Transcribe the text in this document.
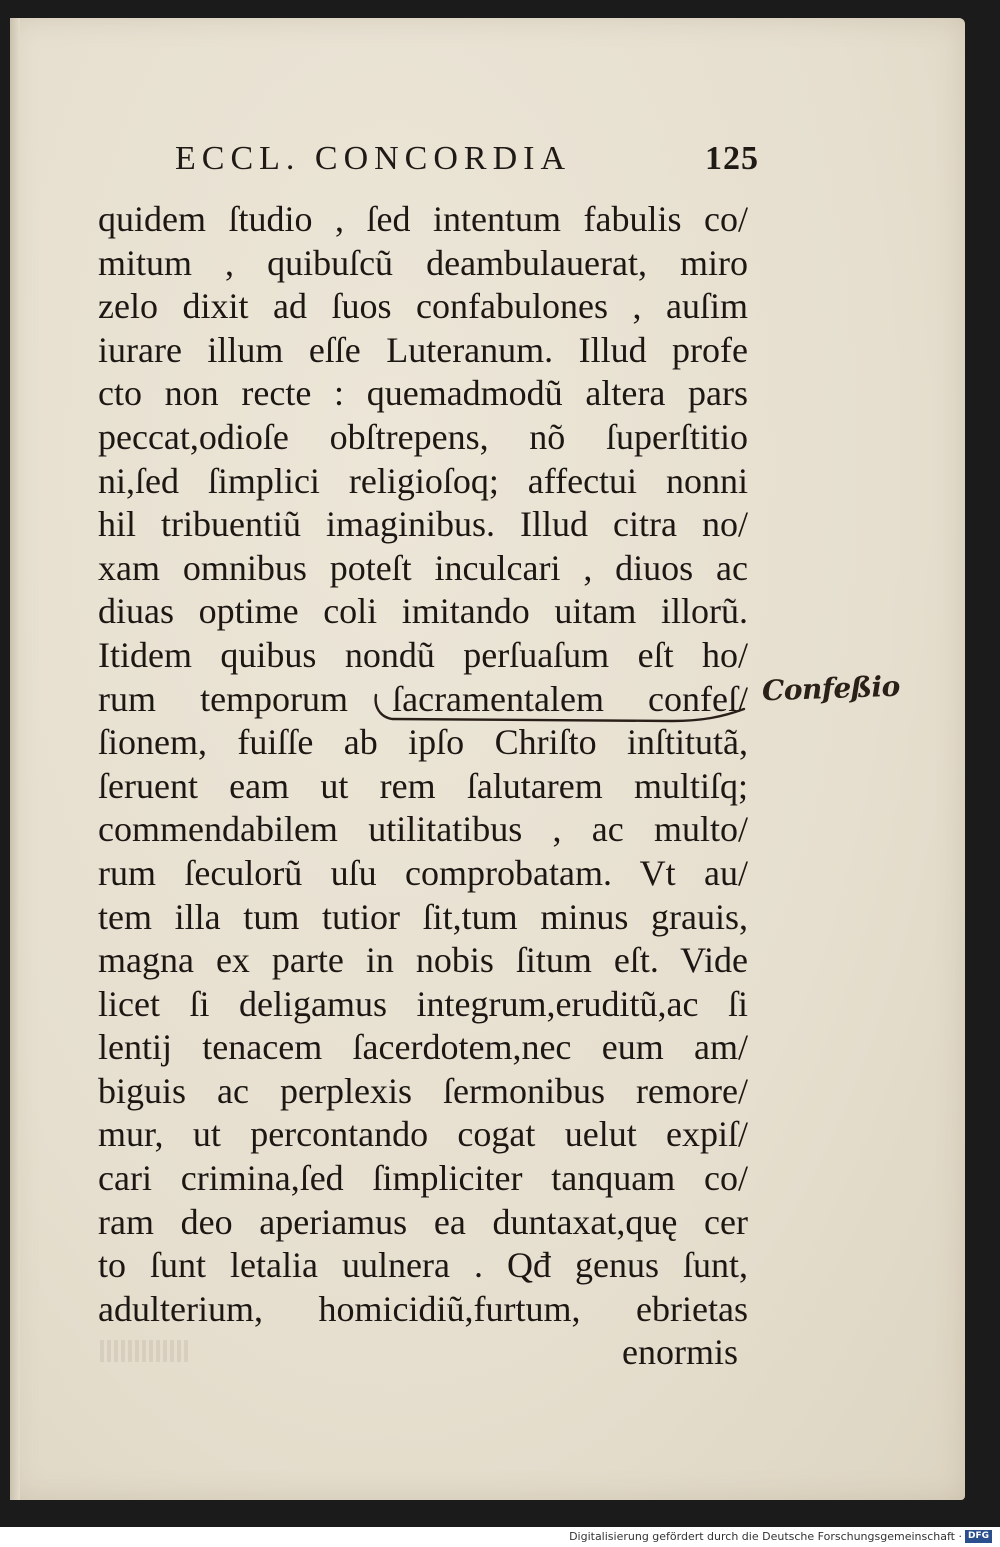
ECCL. CONCORDIA	125
quidem ſtudio , ſed intentum fabulis co/
mitum , quibuſcũ deambulauerat, miro
zelo dixit ad ſuos confabulones , auſim
iurare illum eſſe Luteranum. Illud profe
cto non recte : quemadmodũ altera pars
peccat,odioſe obſtrepens, nõ ſuperſtitio
ni,ſed ſimplici religioſoq; affectui nonni
hil tribuentiũ imaginibus. Illud citra no/
xam omnibus poteſt inculcari , diuos ac
diuas optime coli imitando uitam illorũ.
Itidem quibus nondũ perſuaſum eſt ho/
rum temporum ſacramentalem confeſ/
ſionem, fuiſſe ab ipſo Chriſto inſtitutã,
ſeruent eam ut rem ſalutarem multiſq;
commendabilem utilitatibus , ac multo/
rum ſeculorũ uſu comprobatam. Vt au/
tem illa tum tutior ſit,tum minus grauis,
magna ex parte in nobis ſitum eſt. Vide
licet ſi deligamus integrum,eruditũ,ac ſi
lentij tenacem ſacerdotem,nec eum am/
biguis ac perplexis ſermonibus remore/
mur, ut percontando cogat uelut expiſ/
cari crimina,ſed ſimpliciter tanquam co/
ram deo aperiamus ea duntaxat,quę cer
to ſunt letalia uulnera . Qđ genus ſunt,
adulterium, homicidiũ,furtum, ebrietas
enormis
Confeßio
Digitalisierung gefördert durch die Deutsche Forschungsgemeinschaft · DFG
